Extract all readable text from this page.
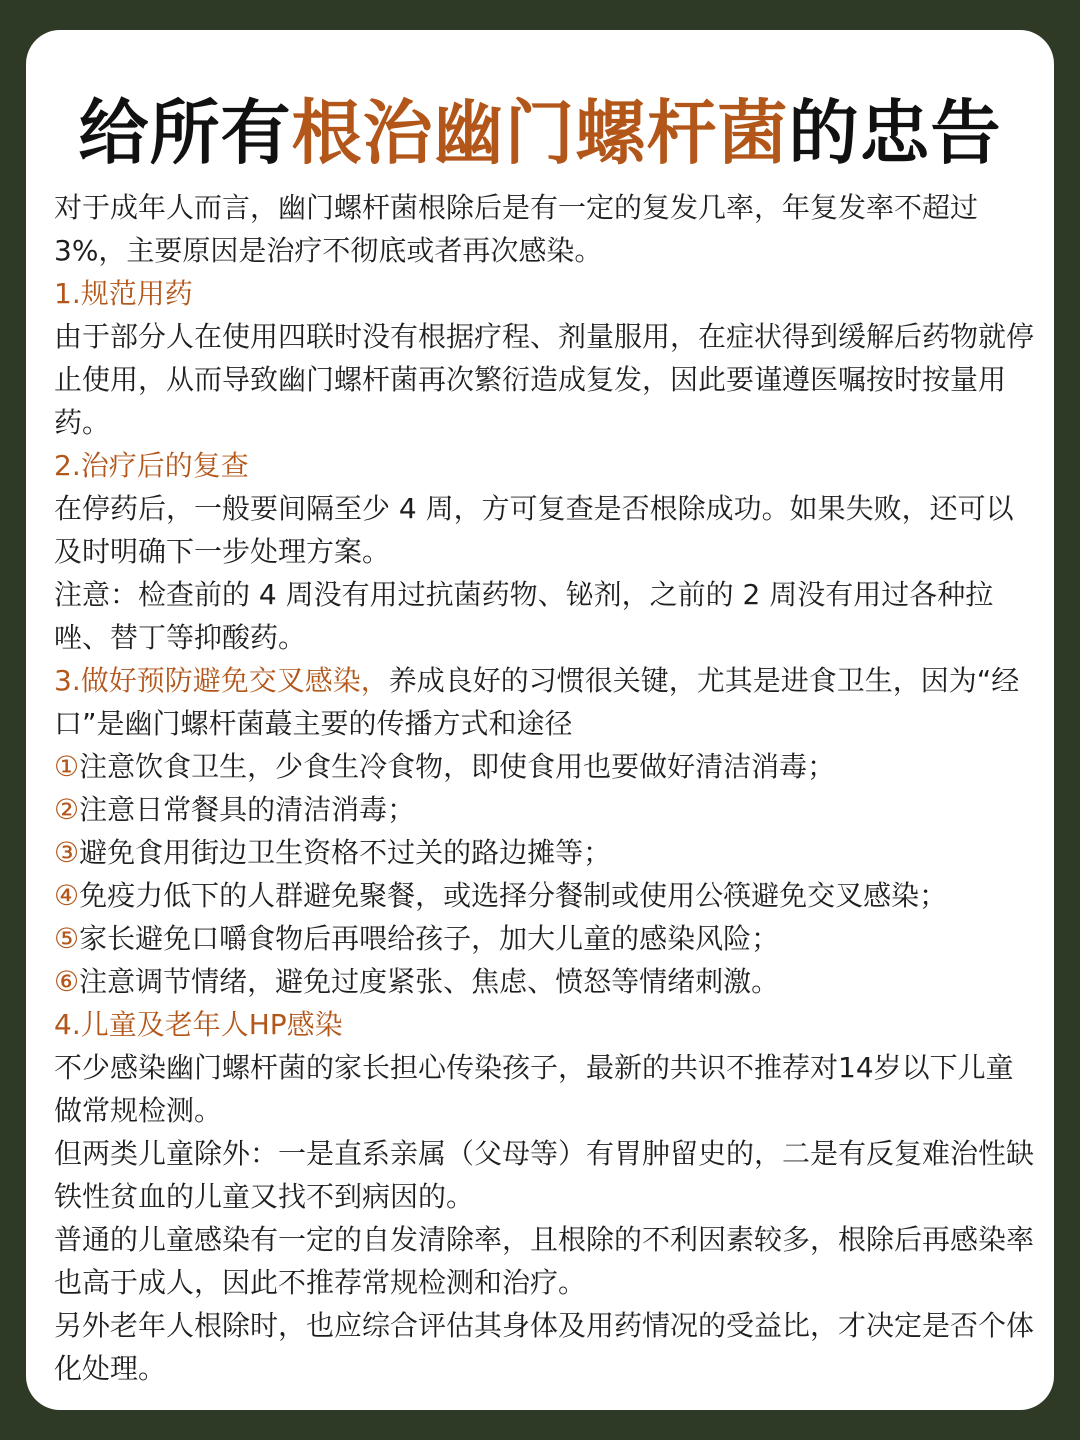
给所有根治幽门螺杆菌的忠告

对于成年人而言，幽门螺杆菌根除后是有一定的复发几率，年复发率不超过3%，主要原因是治疗不彻底或者再次感染。

1.规范用药

由于部分人在使用四联时没有根据疗程、剂量服用，在症状得到缓解后药物就停止使用，从而导致幽门螺杆菌再次繁衍造成复发，因此要谨遵医嘱按时按量用药。

2.治疗后的复查

在停药后，一般要间隔至少 4 周，方可复查是否根除成功。如果失败，还可以及时明确下一步处理方案。

注意：检查前的 4 周没有用过抗菌药物、铋剂，之前的 2 周没有用过各种拉唑、替丁等抑酸药。

3.做好预防避免交叉感染，养成良好的习惯很关键，尤其是进食卫生，因为“经口”是幽门螺杆菌蕞主要的传播方式和途径

①注意饮食卫生，少食生冷食物，即使食用也要做好清洁消毒；

②注意日常餐具的清洁消毒；

③避免食用街边卫生资格不过关的路边摊等；

④免疫力低下的人群避免聚餐，或选择分餐制或使用公筷避免交叉感染；

⑤家长避免口嚼食物后再喂给孩子，加大儿童的感染风险；

⑥注意调节情绪，避免过度紧张、焦虑、愤怒等情绪刺激。

4.儿童及老年人HP感染

不少感染幽门螺杆菌的家长担心传染孩子，最新的共识不推荐对14岁以下儿童做常规检测。

但两类儿童除外：一是直系亲属（父母等）有胃肿留史的，二是有反复难治性缺铁性贫血的儿童又找不到病因的。

普通的儿童感染有一定的自发清除率，且根除的不利因素较多，根除后再感染率也高于成人，因此不推荐常规检测和治疗。

另外老年人根除时，也应综合评估其身体及用药情况的受益比，才决定是否个体化处理。
